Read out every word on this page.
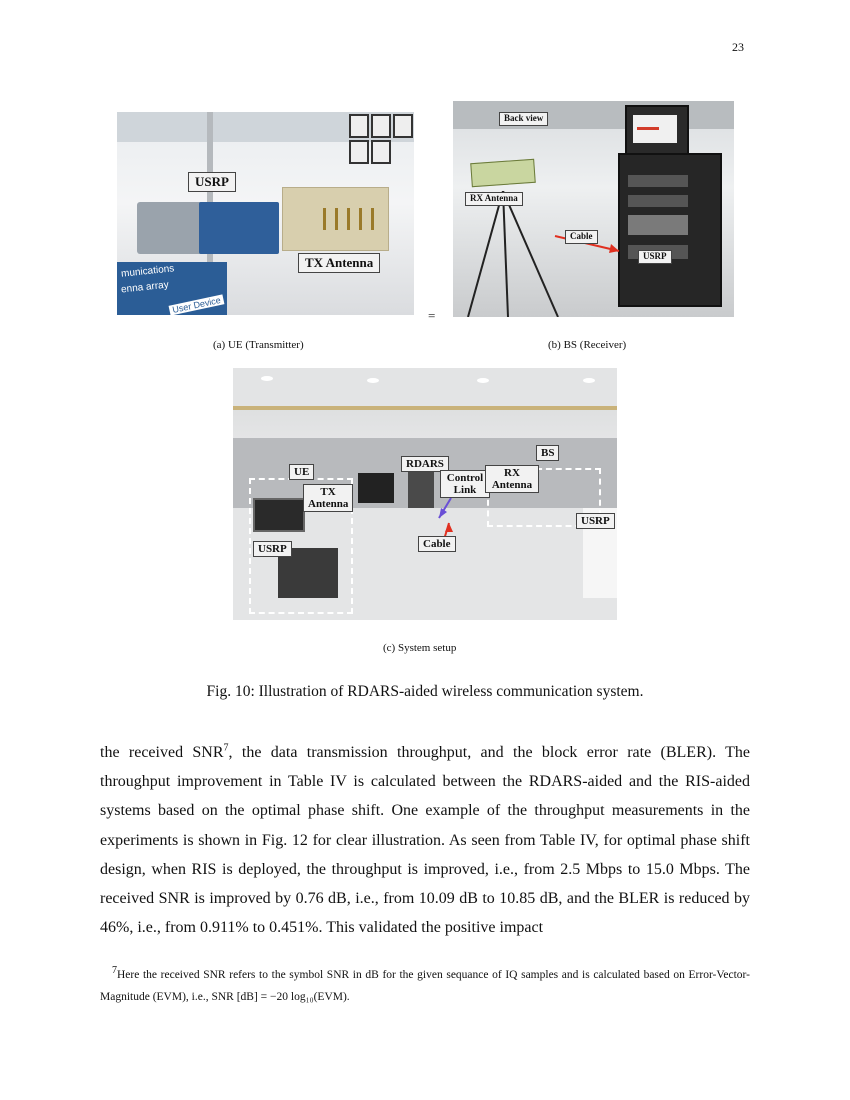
23
munications
enna array
User Device
USRP
TX Antenna
=
Back view
RX Antenna
Cable
USRP
(a) UE (Transmitter)	(b) BS (Receiver)
UE
TX Antenna
RDARS
Control Link
RX Antenna
BS
USRP
USRP
Cable
(c) System setup
Fig. 10: Illustration of RDARS-aided wireless communication system.

the received SNR$^7$, the data transmission throughput, and the block error rate (BLER). The throughput improvement in Table IV is calculated between the RDARS-aided and the RIS-aided systems based on the optimal phase shift. One example of the throughput measurements in the experiments is shown in Fig. 12 for clear illustration. As seen from Table IV, for optimal phase shift design, when RIS is deployed, the throughput is improved, i.e., from 2.5 Mbps to 15.0 Mbps. The received SNR is improved by 0.76 dB, i.e., from 10.09 dB to 10.85 dB, and the BLER is reduced by 46%, i.e., from 0.911% to 0.451%. This validated the positive impact

$^7$Here the received SNR refers to the symbol SNR in dB for the given sequance of IQ samples and is calculated based on Error-Vector-Magnitude (EVM), i.e., SNR [dB] = −20 log₁₀(EVM).
